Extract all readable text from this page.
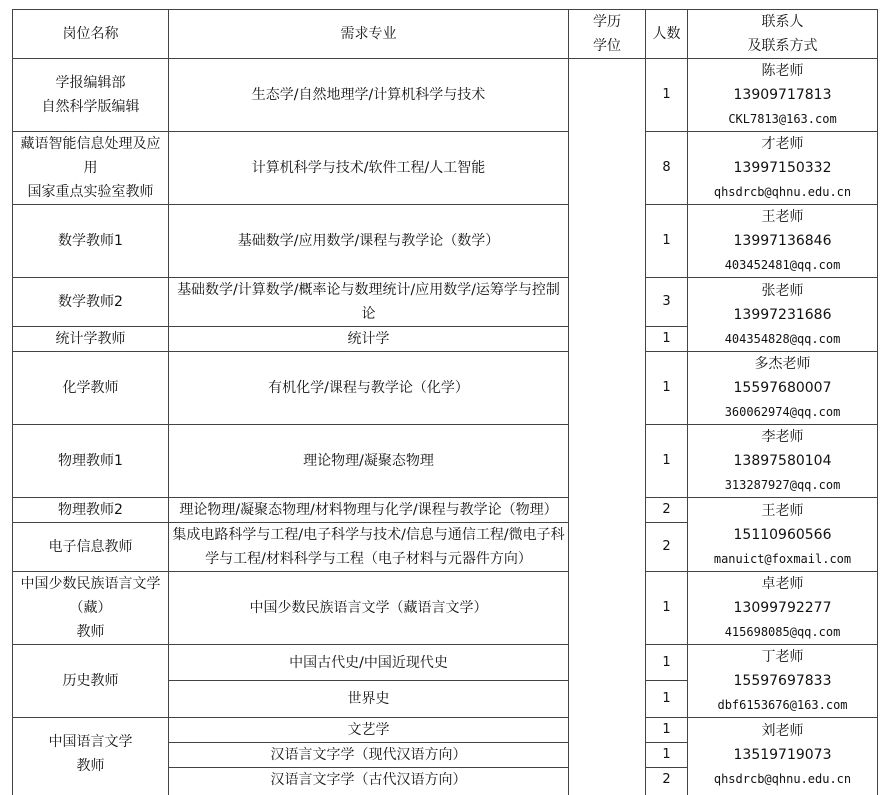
岗位名称	需求专业
学历
学位
人数
联系人
及联系方式
学报编辑部
自然科学版编辑
藏语智能信息处理及应用
国家重点实验室教师
数学教师1
数学教师2
统计学教师
化学教师
物理教师1
物理教师2
电子信息教师
中国少数民族语言文学
（藏）
教师
历史教师
中国语言文学
教师
生态学/自然地理学/计算机科学与技术
计算机科学与技术/软件工程/人工智能
基础数学/应用数学/课程与教学论（数学）
基础数学/计算数学/概率论与数理统计/应用数学/运筹学与控制论
统计学
有机化学/课程与教学论（化学）
理论物理/凝聚态物理
理论物理/凝聚态物理/材料物理与化学/课程与教学论（物理）
集成电路科学与工程/电子科学与技术/信息与通信工程/微电子科学与工程/材料科学与工程（电子材料与元器件方向）
中国少数民族语言文学（藏语言文学）
中国古代史/中国近现代史
世界史
文艺学
汉语言文字学（现代汉语方向）
汉语言文字学（古代汉语方向）
1
8
1
3
1
1
1
2
2
1
1
1
1
1
2
陈老师
13909717813
CKL7813@163.com
才老师
13997150332
qhsdrcb@qhnu.edu.cn
王老师
13997136846
403452481@qq.com
张老师
13997231686
404354828@qq.com
多杰老师
15597680007
360062974@qq.com
李老师
13897580104
313287927@qq.com
王老师
15110960566
manuict@foxmail.com
卓老师
13099792277
415698085@qq.com
丁老师
15597697833
dbf6153676@163.com
刘老师
13519719073
qhsdrcb@qhnu.edu.cn
